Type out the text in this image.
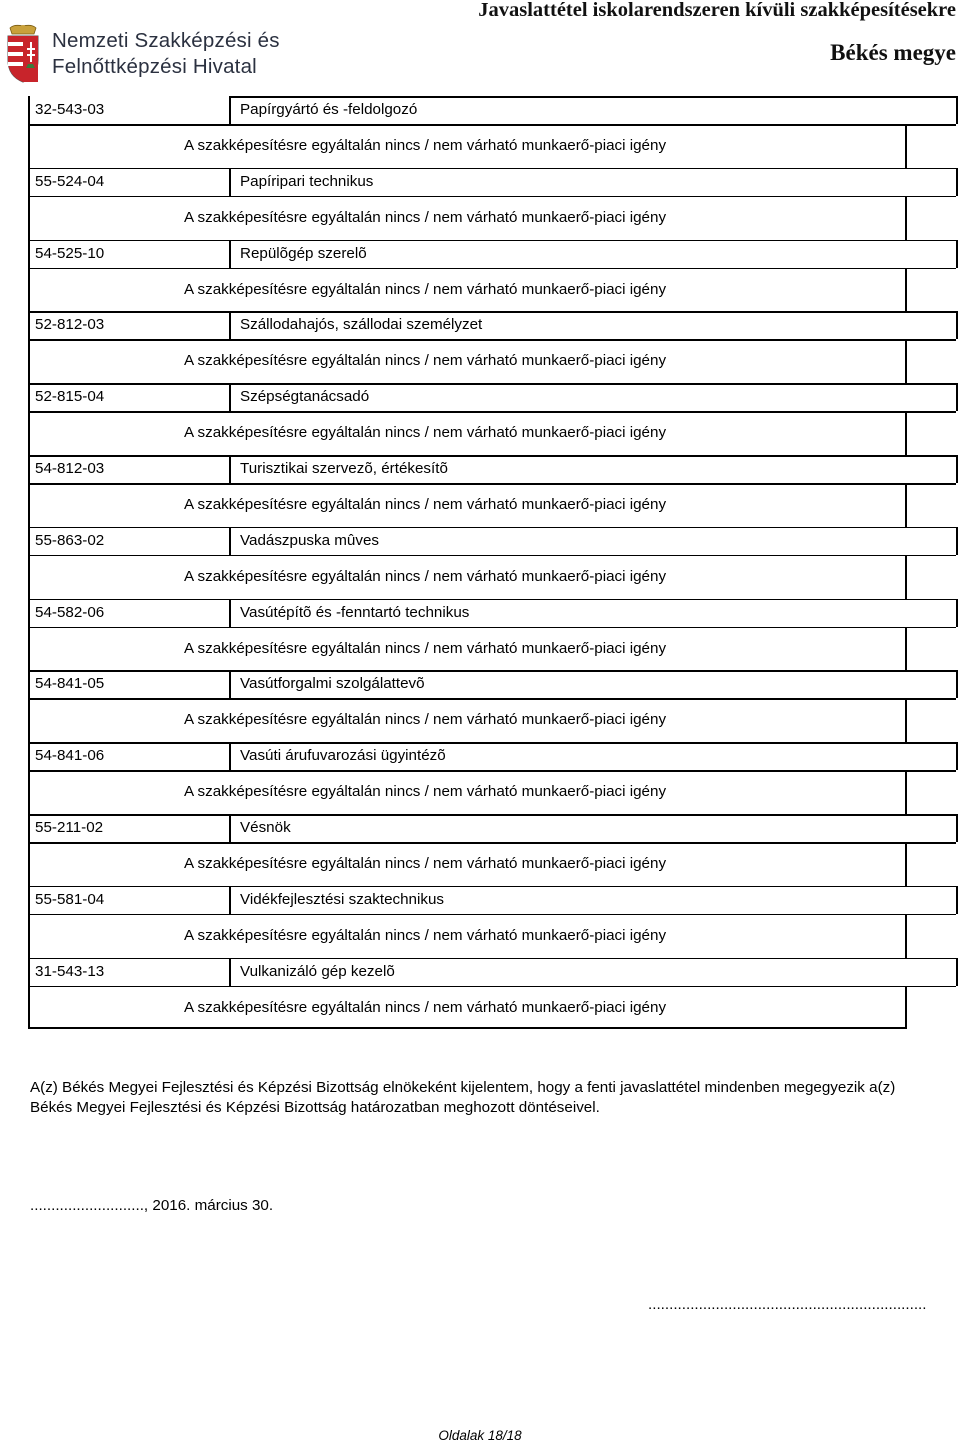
Nemzeti Szakképzési és
Felnőttképzési Hivatal
Javaslattétel iskolarendszeren kívüli szakképesítésekre
Békés megye
32-543-03	Papírgyártó és -feldolgozó
A szakképesítésre egyáltalán nincs / nem várható munkaerő-piaci igény
55-524-04	Papíripari technikus
A szakképesítésre egyáltalán nincs / nem várható munkaerő-piaci igény
54-525-10	Repülõgép szerelõ
A szakképesítésre egyáltalán nincs / nem várható munkaerő-piaci igény
52-812-03	Szállodahajós, szállodai személyzet
A szakképesítésre egyáltalán nincs / nem várható munkaerő-piaci igény
52-815-04	Szépségtanácsadó
A szakképesítésre egyáltalán nincs / nem várható munkaerő-piaci igény
54-812-03	Turisztikai szervezõ, értékesítõ
A szakképesítésre egyáltalán nincs / nem várható munkaerő-piaci igény
55-863-02	Vadászpuska mûves
A szakképesítésre egyáltalán nincs / nem várható munkaerő-piaci igény
54-582-06	Vasútépítõ és -fenntartó technikus
A szakképesítésre egyáltalán nincs / nem várható munkaerő-piaci igény
54-841-05	Vasútforgalmi szolgálattevõ
A szakképesítésre egyáltalán nincs / nem várható munkaerő-piaci igény
54-841-06	Vasúti árufuvarozási ügyintézõ
A szakképesítésre egyáltalán nincs / nem várható munkaerő-piaci igény
55-211-02	Vésnök
A szakképesítésre egyáltalán nincs / nem várható munkaerő-piaci igény
55-581-04	Vidékfejlesztési szaktechnikus
A szakképesítésre egyáltalán nincs / nem várható munkaerő-piaci igény
31-543-13	Vulkanizáló gép kezelõ
A szakképesítésre egyáltalán nincs / nem várható munkaerő-piaci igény
A(z) Békés Megyei Fejlesztési és Képzési Bizottság elnökeként kijelentem, hogy a fenti javaslattétel mindenben megegyezik a(z) Békés Megyei Fejlesztési és Képzési Bizottság határozatban meghozott döntéseivel.
..........................., 2016. március 30.
..................................................................
Oldalak 18/18
